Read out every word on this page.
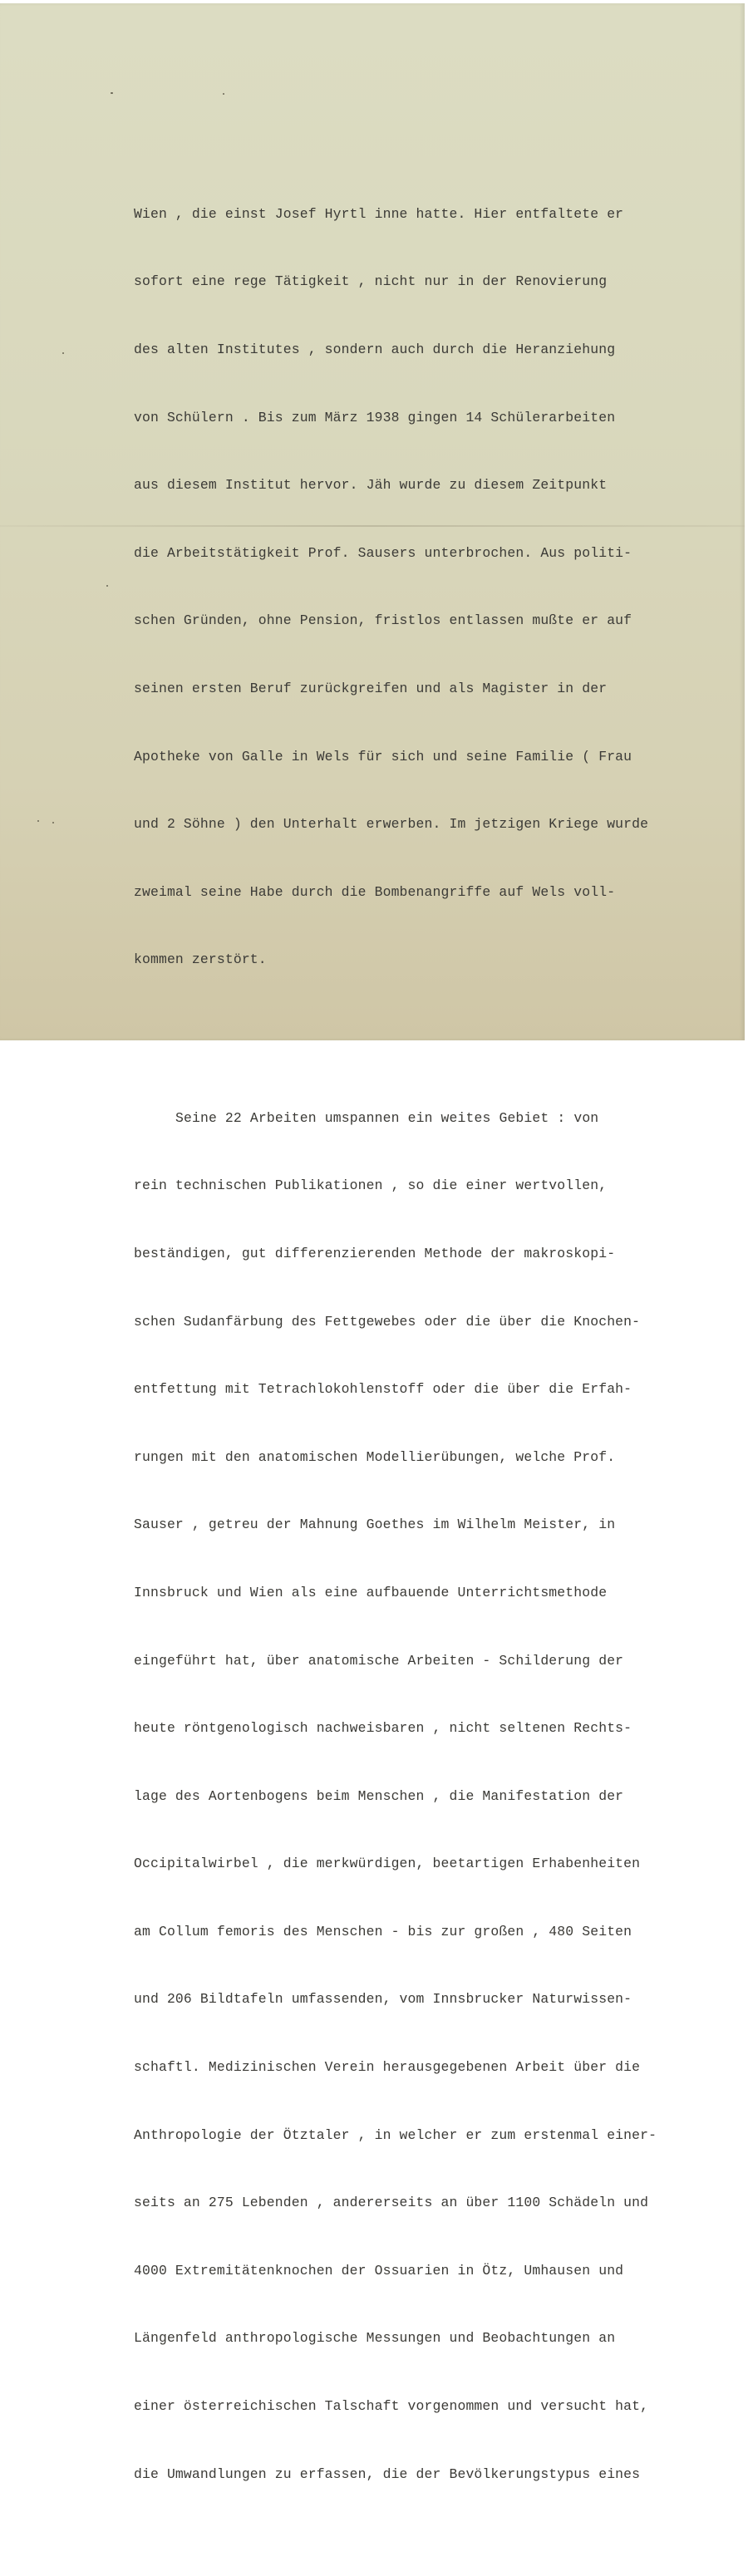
Wien , die einst Josef Hyrtl inne hatte. Hier entfaltete er

sofort eine rege Tätigkeit , nicht nur in der Renovierung

des alten Institutes , sondern auch durch die Heranziehung

von Schülern . Bis zum März 1938 gingen 14 Schülerarbeiten

aus diesem Institut hervor. Jäh wurde zu diesem Zeitpunkt

die Arbeitstätigkeit Prof. Sausers unterbrochen. Aus politi-

schen Gründen, ohne Pension, fristlos entlassen mußte er auf

seinen ersten Beruf zurückgreifen und als Magister in der

Apotheke von Galle in Wels für sich und seine Familie ( Frau

und 2 Söhne ) den Unterhalt erwerben. Im jetzigen Kriege wurde

zweimal seine Habe durch die Bombenangriffe auf Wels voll-

kommen zerstört.

Seine 22 Arbeiten umspannen ein weites Gebiet : von

rein technischen Publikationen , so die einer wertvollen,

beständigen, gut differenzierenden Methode der makroskopi-

schen Sudanfärbung des Fettgewebes oder die über die Knochen-

entfettung mit Tetrachlokohlenstoff oder die über die Erfah-

rungen mit den anatomischen Modellierübungen, welche Prof.

Sauser , getreu der Mahnung Goethes im Wilhelm Meister, in

Innsbruck und Wien als eine aufbauende Unterrichtsmethode

eingeführt hat, über anatomische Arbeiten - Schilderung der

heute röntgenologisch nachweisbaren , nicht seltenen Rechts-

lage des Aortenbogens beim Menschen , die Manifestation der

Occipitalwirbel , die merkwürdigen, beetartigen Erhabenheiten

am Collum femoris des Menschen - bis zur großen , 480 Seiten

und 206 Bildtafeln umfassenden, vom Innsbrucker Naturwissen-

schaftl. Medizinischen Verein herausgegebenen Arbeit über die

Anthropologie der Ötztaler , in welcher er zum erstenmal einer-

seits an 275 Lebenden , andererseits an über 1100 Schädeln und

4000 Extremitätenknochen der Ossuarien in Ötz, Umhausen und

Längenfeld anthropologische Messungen und Beobachtungen an

einer österreichischen Talschaft vorgenommen und versucht hat,

die Umwandlungen zu erfassen, die der Bevölkerungstypus eines
